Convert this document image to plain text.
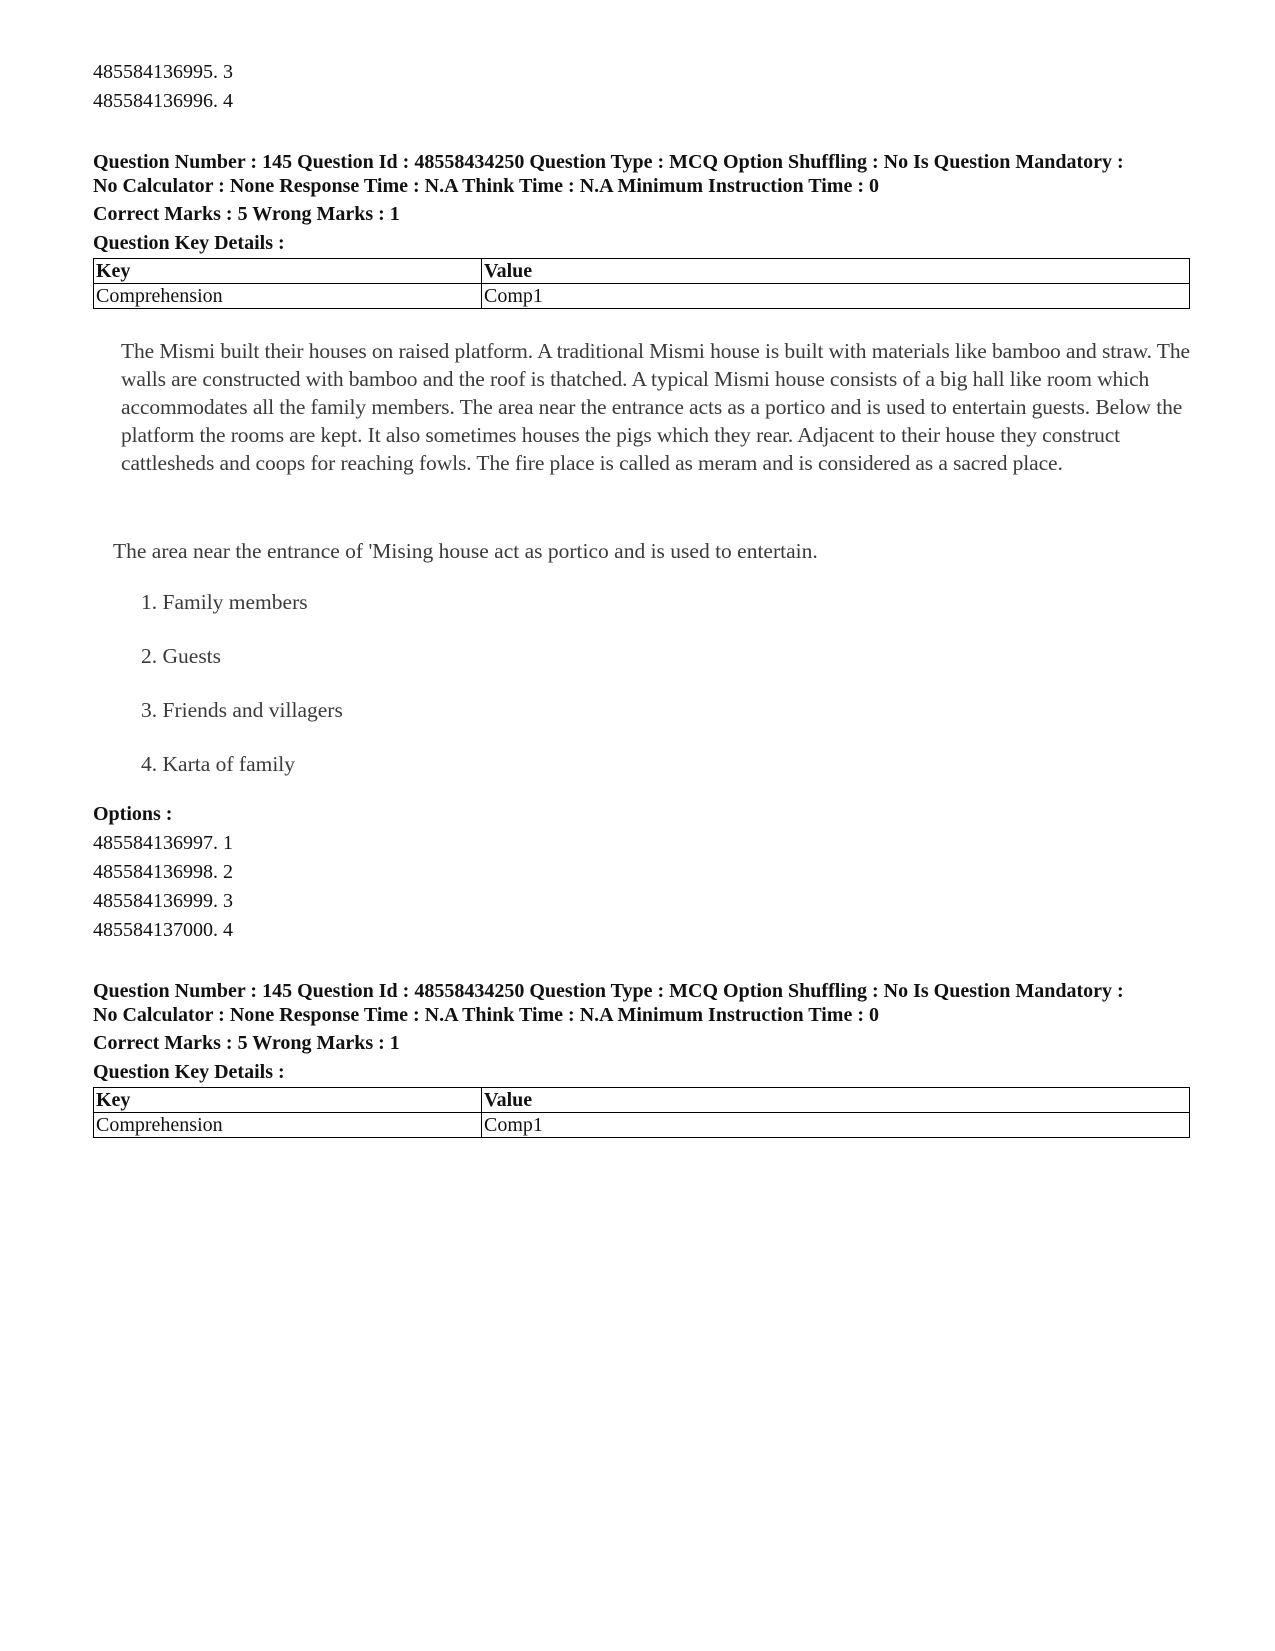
485584136995. 3
485584136996. 4
Question Number : 145 Question Id : 48558434250 Question Type : MCQ Option Shuffling : No Is Question Mandatory :
No Calculator : None Response Time : N.A Think Time : N.A Minimum Instruction Time : 0
Correct Marks : 5 Wrong Marks : 1
Question Key Details :
Key	Value
Comprehension	Comp1
The Mismi built their houses on raised platform. A traditional Mismi house is built with materials like bamboo and straw. The walls are constructed with bamboo and the roof is thatched. A typical Mismi house consists of a big hall like room which accommodates all the family members. The area near the entrance acts as a portico and is used to entertain guests. Below the platform the rooms are kept. It also sometimes houses the pigs which they rear. Adjacent to their house they construct cattlesheds and coops for reaching fowls. The fire place is called as meram and is considered as a sacred place.
The area near the entrance of 'Mising house act as portico and is used to entertain.
1. Family members
2. Guests
3. Friends and villagers
4. Karta of family
Options :
485584136997. 1
485584136998. 2
485584136999. 3
485584137000. 4
Question Number : 145 Question Id : 48558434250 Question Type : MCQ Option Shuffling : No Is Question Mandatory :
No Calculator : None Response Time : N.A Think Time : N.A Minimum Instruction Time : 0
Correct Marks : 5 Wrong Marks : 1
Question Key Details :
Key	Value
Comprehension	Comp1
